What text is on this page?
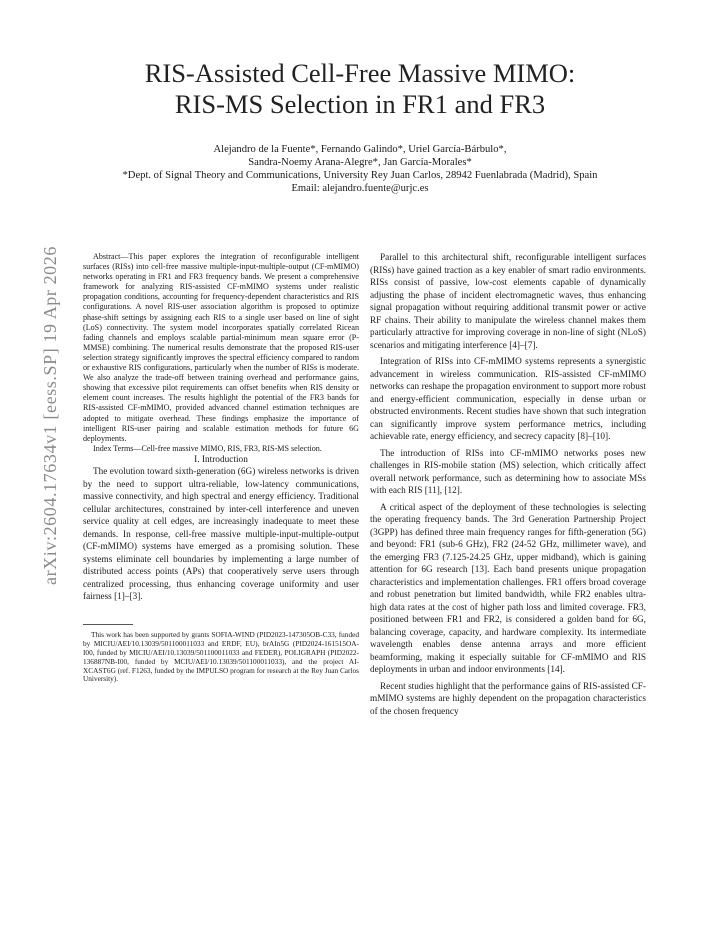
arXiv:2604.17634v1 [eess.SP] 19 Apr 2026
RIS-Assisted Cell-Free Massive MIMO:
RIS-MS Selection in FR1 and FR3
Alejandro de la Fuente*, Fernando Galindo*, Uriel García-Bárbulo*,
Sandra-Noemy Arana-Alegre*, Jan García-Morales*
*Dept. of Signal Theory and Communications, University Rey Juan Carlos, 28942 Fuenlabrada (Madrid), Spain
Email: alejandro.fuente@urjc.es

Abstract—This paper explores the integration of reconfigurable intelligent surfaces (RISs) into cell-free massive multiple-input-multiple-output (CF-mMIMO) networks operating in FR1 and FR3 frequency bands. We present a comprehensive framework for analyzing RIS-assisted CF-mMIMO systems under realistic propagation conditions, accounting for frequency-dependent characteristics and RIS configurations. A novel RIS-user association algorithm is proposed to optimize phase-shift settings by assigning each RIS to a single user based on line of sight (LoS) connectivity. The system model incorporates spatially correlated Ricean fading channels and employs scalable partial-minimum mean square error (P-MMSE) combining. The numerical results demonstrate that the proposed RIS-user selection strategy significantly improves the spectral efficiency compared to random or exhaustive RIS configurations, particularly when the number of RISs is moderate. We also analyze the trade-off between training overhead and performance gains, showing that excessive pilot requirements can offset benefits when RIS density or element count increases. The results highlight the potential of the FR3 bands for RIS-assisted CF-mMIMO, provided advanced channel estimation techniques are adopted to mitigate overhead. These findings emphasize the importance of intelligent RIS-user pairing and scalable estimation methods for future 6G deployments.

Index Terms—Cell-free massive MIMO, RIS, FR3, RIS-MS selection.

I. Introduction

The evolution toward sixth-generation (6G) wireless networks is driven by the need to support ultra-reliable, low-latency communications, massive connectivity, and high spectral and energy efficiency. Traditional cellular architectures, constrained by inter-cell interference and uneven service quality at cell edges, are increasingly inadequate to meet these demands. In response, cell-free massive multiple-input-multiple-output (CF-mMIMO) systems have emerged as a promising solution. These systems eliminate cell boundaries by implementing a large number of distributed access points (APs) that cooperatively serve users through centralized processing, thus enhancing coverage uniformity and user fairness [1]–[3].

This work has been supported by grants SOFIA-WIND (PID2023-147305OB-C33, funded by MICIU/AEI/10.13039/501100011033 and ERDF, EU), brAIn5G (PID2024-161515OA-I00, funded by MICIU/AEI/10.13039/501100011033 and FEDER), POLIGRAPH (PID2022-136887NB-I00, funded by MCIU/AEI/10.13039/501100011033), and the project AI-XCAST6G (ref. F1263, funded by the IMPULSO program for research at the Rey Juan Carlos University).

Parallel to this architectural shift, reconfigurable intelligent surfaces (RISs) have gained traction as a key enabler of smart radio environments. RISs consist of passive, low-cost elements capable of dynamically adjusting the phase of incident electromagnetic waves, thus enhancing signal propagation without requiring additional transmit power or active RF chains. Their ability to manipulate the wireless channel makes them particularly attractive for improving coverage in non-line of sight (NLoS) scenarios and mitigating interference [4]–[7].

Integration of RISs into CF-mMIMO systems represents a synergistic advancement in wireless communication. RIS-assisted CF-mMIMO networks can reshape the propagation environment to support more robust and energy-efficient communication, especially in dense urban or obstructed environments. Recent studies have shown that such integration can significantly improve system performance metrics, including achievable rate, energy efficiency, and secrecy capacity [8]–[10].

The introduction of RISs into CF-mMIMO networks poses new challenges in RIS-mobile station (MS) selection, which critically affect overall network performance, such as determining how to associate MSs with each RIS [11], [12].

A critical aspect of the deployment of these technologies is selecting the operating frequency bands. The 3rd Generation Partnership Project (3GPP) has defined three main frequency ranges for fifth-generation (5G) and beyond: FR1 (sub-6 GHz), FR2 (24-52 GHz, millimeter wave), and the emerging FR3 (7.125-24.25 GHz, upper midband), which is gaining attention for 6G research [13]. Each band presents unique propagation characteristics and implementation challenges. FR1 offers broad coverage and robust penetration but limited bandwidth, while FR2 enables ultra-high data rates at the cost of higher path loss and limited coverage. FR3, positioned between FR1 and FR2, is considered a golden band for 6G, balancing coverage, capacity, and hardware complexity. Its intermediate wavelength enables dense antenna arrays and more efficient beamforming, making it especially suitable for CF-mMIMO and RIS deployments in urban and indoor environments [14].

Recent studies highlight that the performance gains of RIS-assisted CF-mMIMO systems are highly dependent on the propagation characteristics of the chosen frequency
